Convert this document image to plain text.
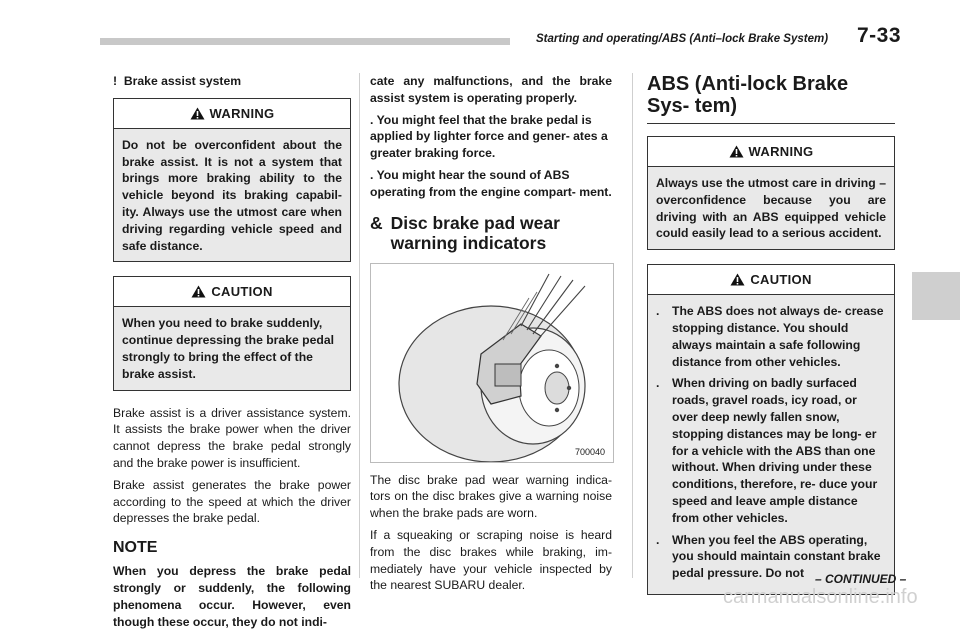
Starting and operating/ABS (Anti–lock Brake System) 7-33
! Brake assist system
WARNING
Do not be overconfident about the brake assist. It is not a system that brings more braking ability to the vehicle beyond its braking capabil- ity. Always use the utmost care when driving regarding vehicle speed and safe distance.
CAUTION
When you need to brake suddenly, continue depressing the brake pedal strongly to bring the effect of the brake assist.

Brake assist is a driver assistance system. It assists the brake power when the driver cannot depress the brake pedal strongly and the brake power is insufficient.

Brake assist generates the brake power according to the speed at which the driver depresses the brake pedal.

NOTE

When you depress the brake pedal strongly or suddenly, the following phenomena occur. However, even though these occur, they do not indi-

cate any malfunctions, and the brake assist system is operating properly.

. You might feel that the brake pedal is applied by lighter force and gener- ates a greater braking force.

. You might hear the sound of ABS operating from the engine compart- ment.

& Disc brake pad wear warning indicators
700040

The disc brake pad wear warning indica- tors on the disc brakes give a warning noise when the brake pads are worn.

If a squeaking or scraping noise is heard from the disc brakes while braking, im- mediately have your vehicle inspected by the nearest SUBARU dealer.

ABS (Anti-lock Brake Sys- tem)
WARNING
Always use the utmost care in driving – overconfidence because you are driving with an ABS equipped vehicle could easily lead to a serious accident.
CAUTION
.	The ABS does not always de- crease stopping distance. You should always maintain a safe following distance from other vehicles.
.	When driving on badly surfaced roads, gravel roads, icy road, or over deep newly fallen snow, stopping distances may be long- er for a vehicle with the ABS than one without. When driving under these conditions, therefore, re- duce your speed and leave ample distance from other vehicles.
.	When you feel the ABS operating, you should maintain constant brake pedal pressure. Do not – CONTINUED –
carmanualsonline.info
